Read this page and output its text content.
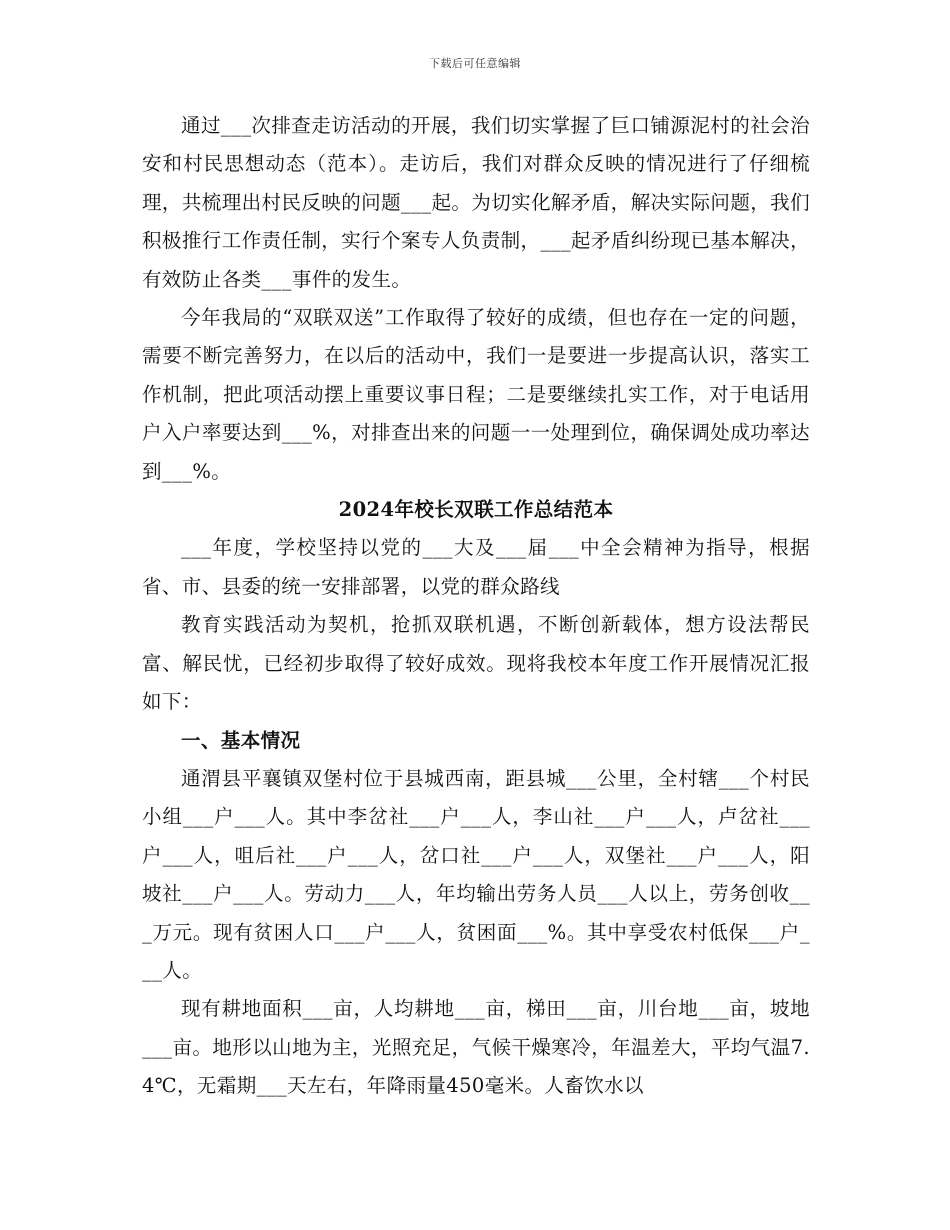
下载后可任意编辑

通过___次排查走访活动的开展，我们切实掌握了巨口铺源泥村的社会治安和村民思想动态（范本）。走访后，我们对群众反映的情况进行了仔细梳理，共梳理出村民反映的问题___起。为切实化解矛盾，解决实际问题，我们积极推行工作责任制，实行个案专人负责制，___起矛盾纠纷现已基本解决，有效防止各类___事件的发生。

今年我局的“双联双送”工作取得了较好的成绩，但也存在一定的问题，需要不断完善努力，在以后的活动中，我们一是要进一步提高认识，落实工作机制，把此项活动摆上重要议事日程；二是要继续扎实工作，对于电话用户入户率要达到___%，对排查出来的问题一一处理到位，确保调处成功率达到___%。

2024年校长双联工作总结范本

___年度，学校坚持以党的___大及___届___中全会精神为指导，根据省、市、县委的统一安排部署，以党的群众路线

教育实践活动为契机，抢抓双联机遇，不断创新载体，想方设法帮民富、解民忧，已经初步取得了较好成效。现将我校本年度工作开展情况汇报如下：

一、基本情况

通渭县平襄镇双堡村位于县城西南，距县城___公里，全村辖___个村民小组___户___人。其中李岔社___户___人，李山社___户___人，卢岔社___户___人，咀后社___户___人，岔口社___户___人，双堡社___户___人，阳坡社___户___人。劳动力___人，年均输出劳务人员___人以上，劳务创收___万元。现有贫困人口___户___人，贫困面___%。其中享受农村低保___户___人。

现有耕地面积___亩，人均耕地___亩，梯田___亩，川台地___亩，坡地___亩。地形以山地为主，光照充足，气候干燥寒冷，年温差大，平均气温7.4℃，无霜期___天左右，年降雨量450毫米。人畜饮水以
